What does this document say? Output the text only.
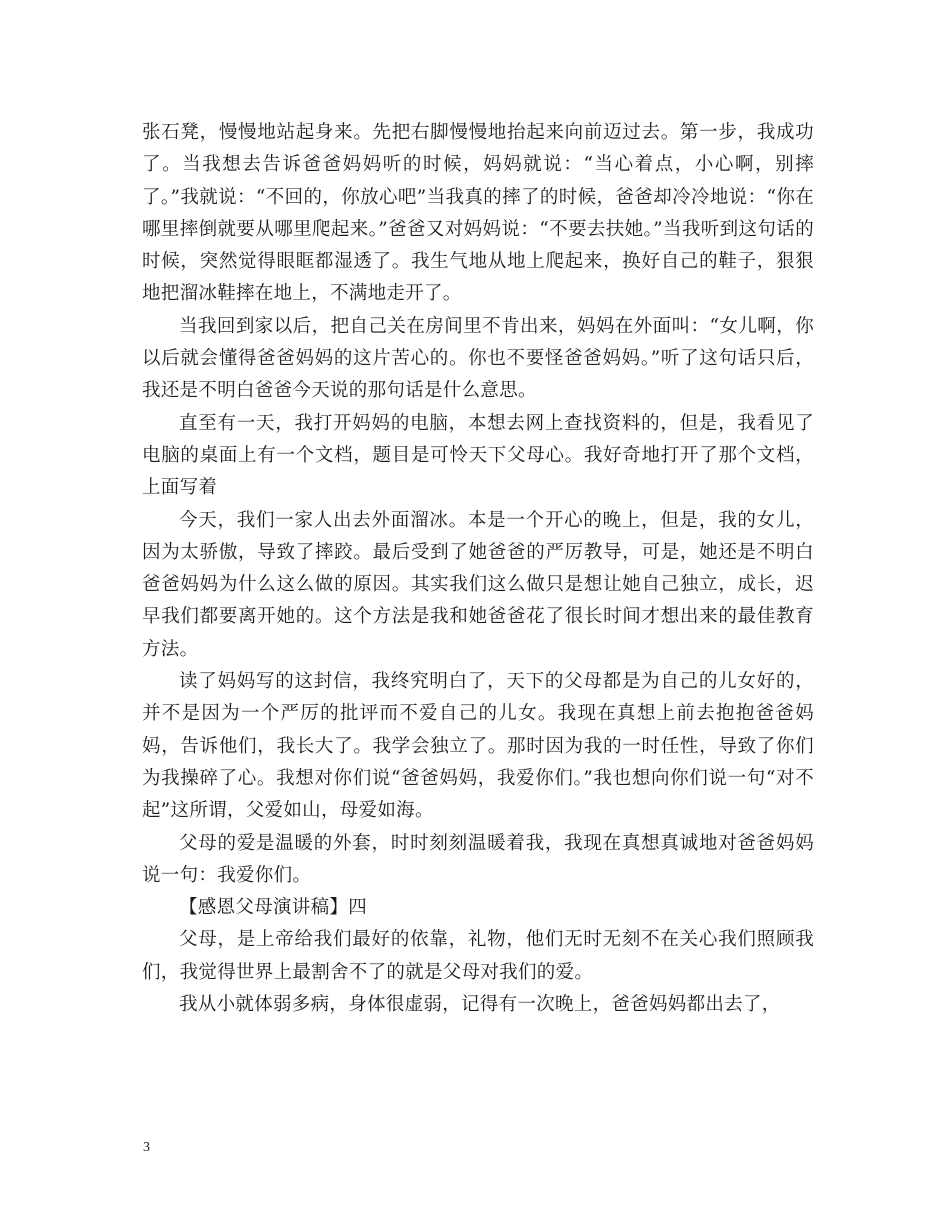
张石凳，慢慢地站起身来。先把右脚慢慢地抬起来向前迈过去。第一步，我成功了。当我想去告诉爸爸妈妈听的时候，妈妈就说：“当心着点，小心啊，别摔了。”我就说：“不回的，你放心吧”当我真的摔了的时候，爸爸却冷冷地说：“你在哪里摔倒就要从哪里爬起来。”爸爸又对妈妈说：“不要去扶她。”当我听到这句话的时候，突然觉得眼眶都湿透了。我生气地从地上爬起来，换好自己的鞋子，狠狠地把溜冰鞋摔在地上，不满地走开了。

当我回到家以后，把自己关在房间里不肯出来，妈妈在外面叫：“女儿啊，你以后就会懂得爸爸妈妈的这片苦心的。你也不要怪爸爸妈妈。”听了这句话只后，我还是不明白爸爸今天说的那句话是什么意思。

直至有一天，我打开妈妈的电脑，本想去网上查找资料的，但是，我看见了电脑的桌面上有一个文档，题目是可怜天下父母心。我好奇地打开了那个文档，上面写着

今天，我们一家人出去外面溜冰。本是一个开心的晚上，但是，我的女儿，因为太骄傲，导致了摔跤。最后受到了她爸爸的严厉教导，可是，她还是不明白爸爸妈妈为什么这么做的原因。其实我们这么做只是想让她自己独立，成长，迟早我们都要离开她的。这个方法是我和她爸爸花了很长时间才想出来的最佳教育方法。

读了妈妈写的这封信，我终究明白了，天下的父母都是为自己的儿女好的，并不是因为一个严厉的批评而不爱自己的儿女。我现在真想上前去抱抱爸爸妈妈，告诉他们，我长大了。我学会独立了。那时因为我的一时任性，导致了你们为我操碎了心。我想对你们说“爸爸妈妈，我爱你们。”我也想向你们说一句“对不起”这所谓，父爱如山，母爱如海。

父母的爱是温暖的外套，时时刻刻温暖着我，我现在真想真诚地对爸爸妈妈说一句：我爱你们。

【感恩父母演讲稿】四

父母，是上帝给我们最好的依靠，礼物，他们无时无刻不在关心我们照顾我们，我觉得世界上最割舍不了的就是父母对我们的爱。

我从小就体弱多病，身体很虚弱，记得有一次晚上，爸爸妈妈都出去了，

3
